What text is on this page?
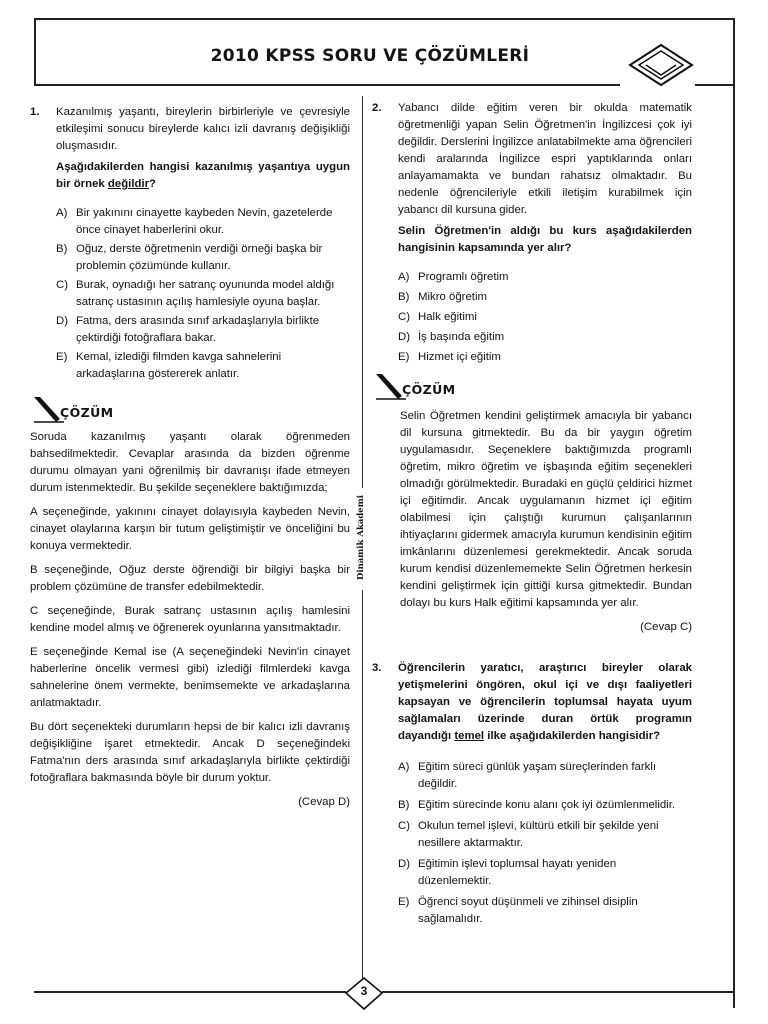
2010 KPSS SORU VE ÇÖZÜMLERİ
Dinamik Akademi
1.	Kazanılmış yaşantı, bireylerin birbirleriyle ve çevresiyle etkileşimi sonucu bireylerde kalıcı izli davranış değişikliği oluşmasıdır.
Aşağıdakilerden hangisi kazanılmış yaşantıya uygun bir örnek değildir?
A) Bir yakınını cinayette kaybeden Nevin, gazetelerde önce cinayet haberlerini okur.
B) Oğuz, derste öğretmenin verdiği örneği başka bir problemin çözümünde kullanır.
C) Burak, oynadığı her satranç oyununda model aldığı satranç ustasının açılış hamlesiyle oyuna başlar.
D) Fatma, ders arasında sınıf arkadaşlarıyla birlikte çektirdiği fotoğraflara bakar.
E) Kemal, izlediği filmden kavga sahnelerini arkadaşlarına göstererek anlatır.
ÇÖZÜM

Soruda kazanılmış yaşantı olarak öğrenmeden bahsedilmektedir. Cevaplar arasında da bizden öğrenme durumu olmayan yani öğrenilmiş bir davranışı ifade etmeyen durum istenmektedir. Bu şekilde seçeneklere baktığımızda;

A seçeneğinde, yakınını cinayet dolayısıyla kaybeden Nevin, cinayet olaylarına karşın bir tutum geliştimiştir ve önceliğini bu konuya vermektedir.

B seçeneğinde, Oğuz derste öğrendiği bir bilgiyi başka bir problem çözümüne de transfer edebilmektedir.

C seçeneğinde, Burak satranç ustasının açılış hamlesini kendine model almış ve öğrenerek oyunlarına yansıtmaktadır.

E seçeneğinde Kemal ise (A seçeneğindeki Nevin'in cinayet haberlerine öncelik vermesi gibi) izlediği filmlerdeki kavga sahnelerine önem vermekte, benimsemekte ve arkadaşlarına anlatmaktadır.

Bu dört seçenekteki durumların hepsi de bir kalıcı izli davranış değişikliğine işaret etmektedir. Ancak D seçeneğindeki Fatma'nın ders arasında sınıf arkadaşlarıyla birlikte çektirdiği fotoğraflara bakmasında böyle bir durum yoktur.

(Cevap D)
2.	Yabancı dilde eğitim veren bir okulda matematik öğretmenliği yapan Selin Öğretmen'in İngilizcesi çok iyi değildir. Derslerini İngilizce anlatabilmekte ama öğrencileri kendi aralarında İngilizce espri yaptıklarında onları anlayamamakta ve bundan rahatsız olmaktadır. Bu nedenle öğrencileriyle etkili iletişim kurabilmek için yabancı dil kursuna gider.
Selin Öğretmen'in aldığı bu kurs aşağıdakilerden hangisinin kapsamında yer alır?
A) Programlı öğretim
B) Mikro öğretim
C) Halk eğitimi
D) İş başında eğitim
E) Hizmet içi eğitim
ÇÖZÜM

Selin Öğretmen kendini geliştirmek amacıyla bir yabancı dil kursuna gitmektedir. Bu da bir yaygın öğretim uygulamasıdır. Seçeneklere baktığımızda programlı öğretim, mikro öğretim ve işbaşında eğitim seçenekleri olmadığı görülmektedir. Buradaki en güçlü çeldirici hizmet içi eğitimdir. Ancak uygulamanın hizmet içi eğitim olabilmesi için çalıştığı kurumun çalışanlarının ihtiyaçlarını gidermek amacıyla kurumun kendisinin eğitim imkânlarını düzenlemesi gerekmektedir. Ancak soruda kurum kendisi düzenlememekte Selin Öğretmen herkesin kendini geliştirmek için gittiği kursa gitmektedir. Bundan dolayı bu kurs Halk eğitimi kapsamında yer alır.

(Cevap C)
3.	Öğrencilerin yaratıcı, araştırıcı bireyler olarak yetişmelerini öngören, okul içi ve dışı faaliyetleri kapsayan ve öğrencilerin toplumsal hayata uyum sağlamaları üzerinde duran örtük programın dayandığı temel ilke aşağıdakilerden hangisidir?
A) Eğitim süreci günlük yaşam süreçlerinden farklı değildir.
B) Eğitim sürecinde konu alanı çok iyi özümlenmelidir.
C) Okulun temel işlevi, kültürü etkili bir şekilde yeni nesillere aktarmaktır.
D) Eğitimin işlevi toplumsal hayatı yeniden düzenlemektir.
E) Öğrenci soyut düşünmeli ve zihinsel disiplin sağlamalıdır.
3
